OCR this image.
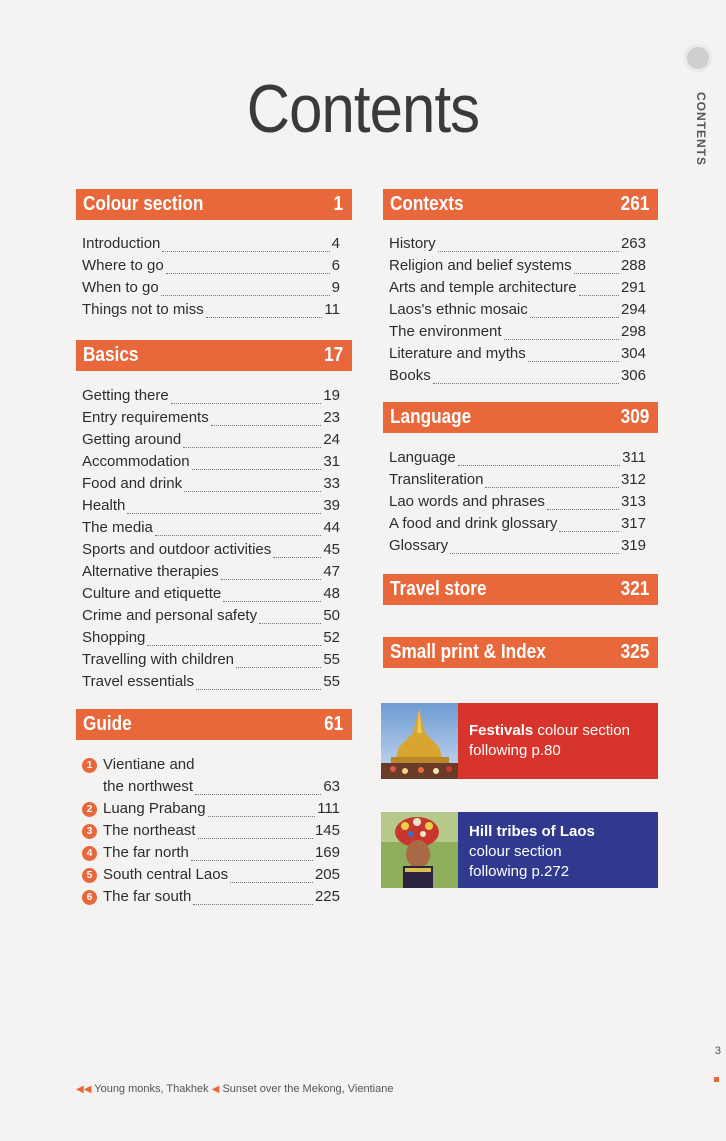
Contents	CONTENTS
Colour section	1
Introduction	4
Where to go	6
When to go	9
Things not to miss	11
Basics	17
Getting there	19
Entry requirements	23
Getting around	24
Accommodation	31
Food and drink	33
Health	39
The media	44
Sports and outdoor activities	45
Alternative therapies	47
Culture and etiquette	48
Crime and personal safety	50
Shopping	52
Travelling with children	55
Travel essentials	55
Guide	61
1 Vientiane and
the northwest	63
2 Luang Prabang	111
3 The northeast	145
4 The far north	169
5 South central Laos	205
6 The far south	225
Contexts	261
History	263
Religion and belief systems	288
Arts and temple architecture	291
Laos's ethnic mosaic	294
The environment	298
Literature and myths	304
Books	306
Language	309
Language	311
Transliteration	312
Lao words and phrases	313
A food and drink glossary	317
Glossary	319
Travel store	321
Small print & Index	325
Festivals colour section
following p.80
Hill tribes of Laos
colour section
following p.272
3
◀◀ Young monks, Thakhek ◀ Sunset over the Mekong, Vientiane
